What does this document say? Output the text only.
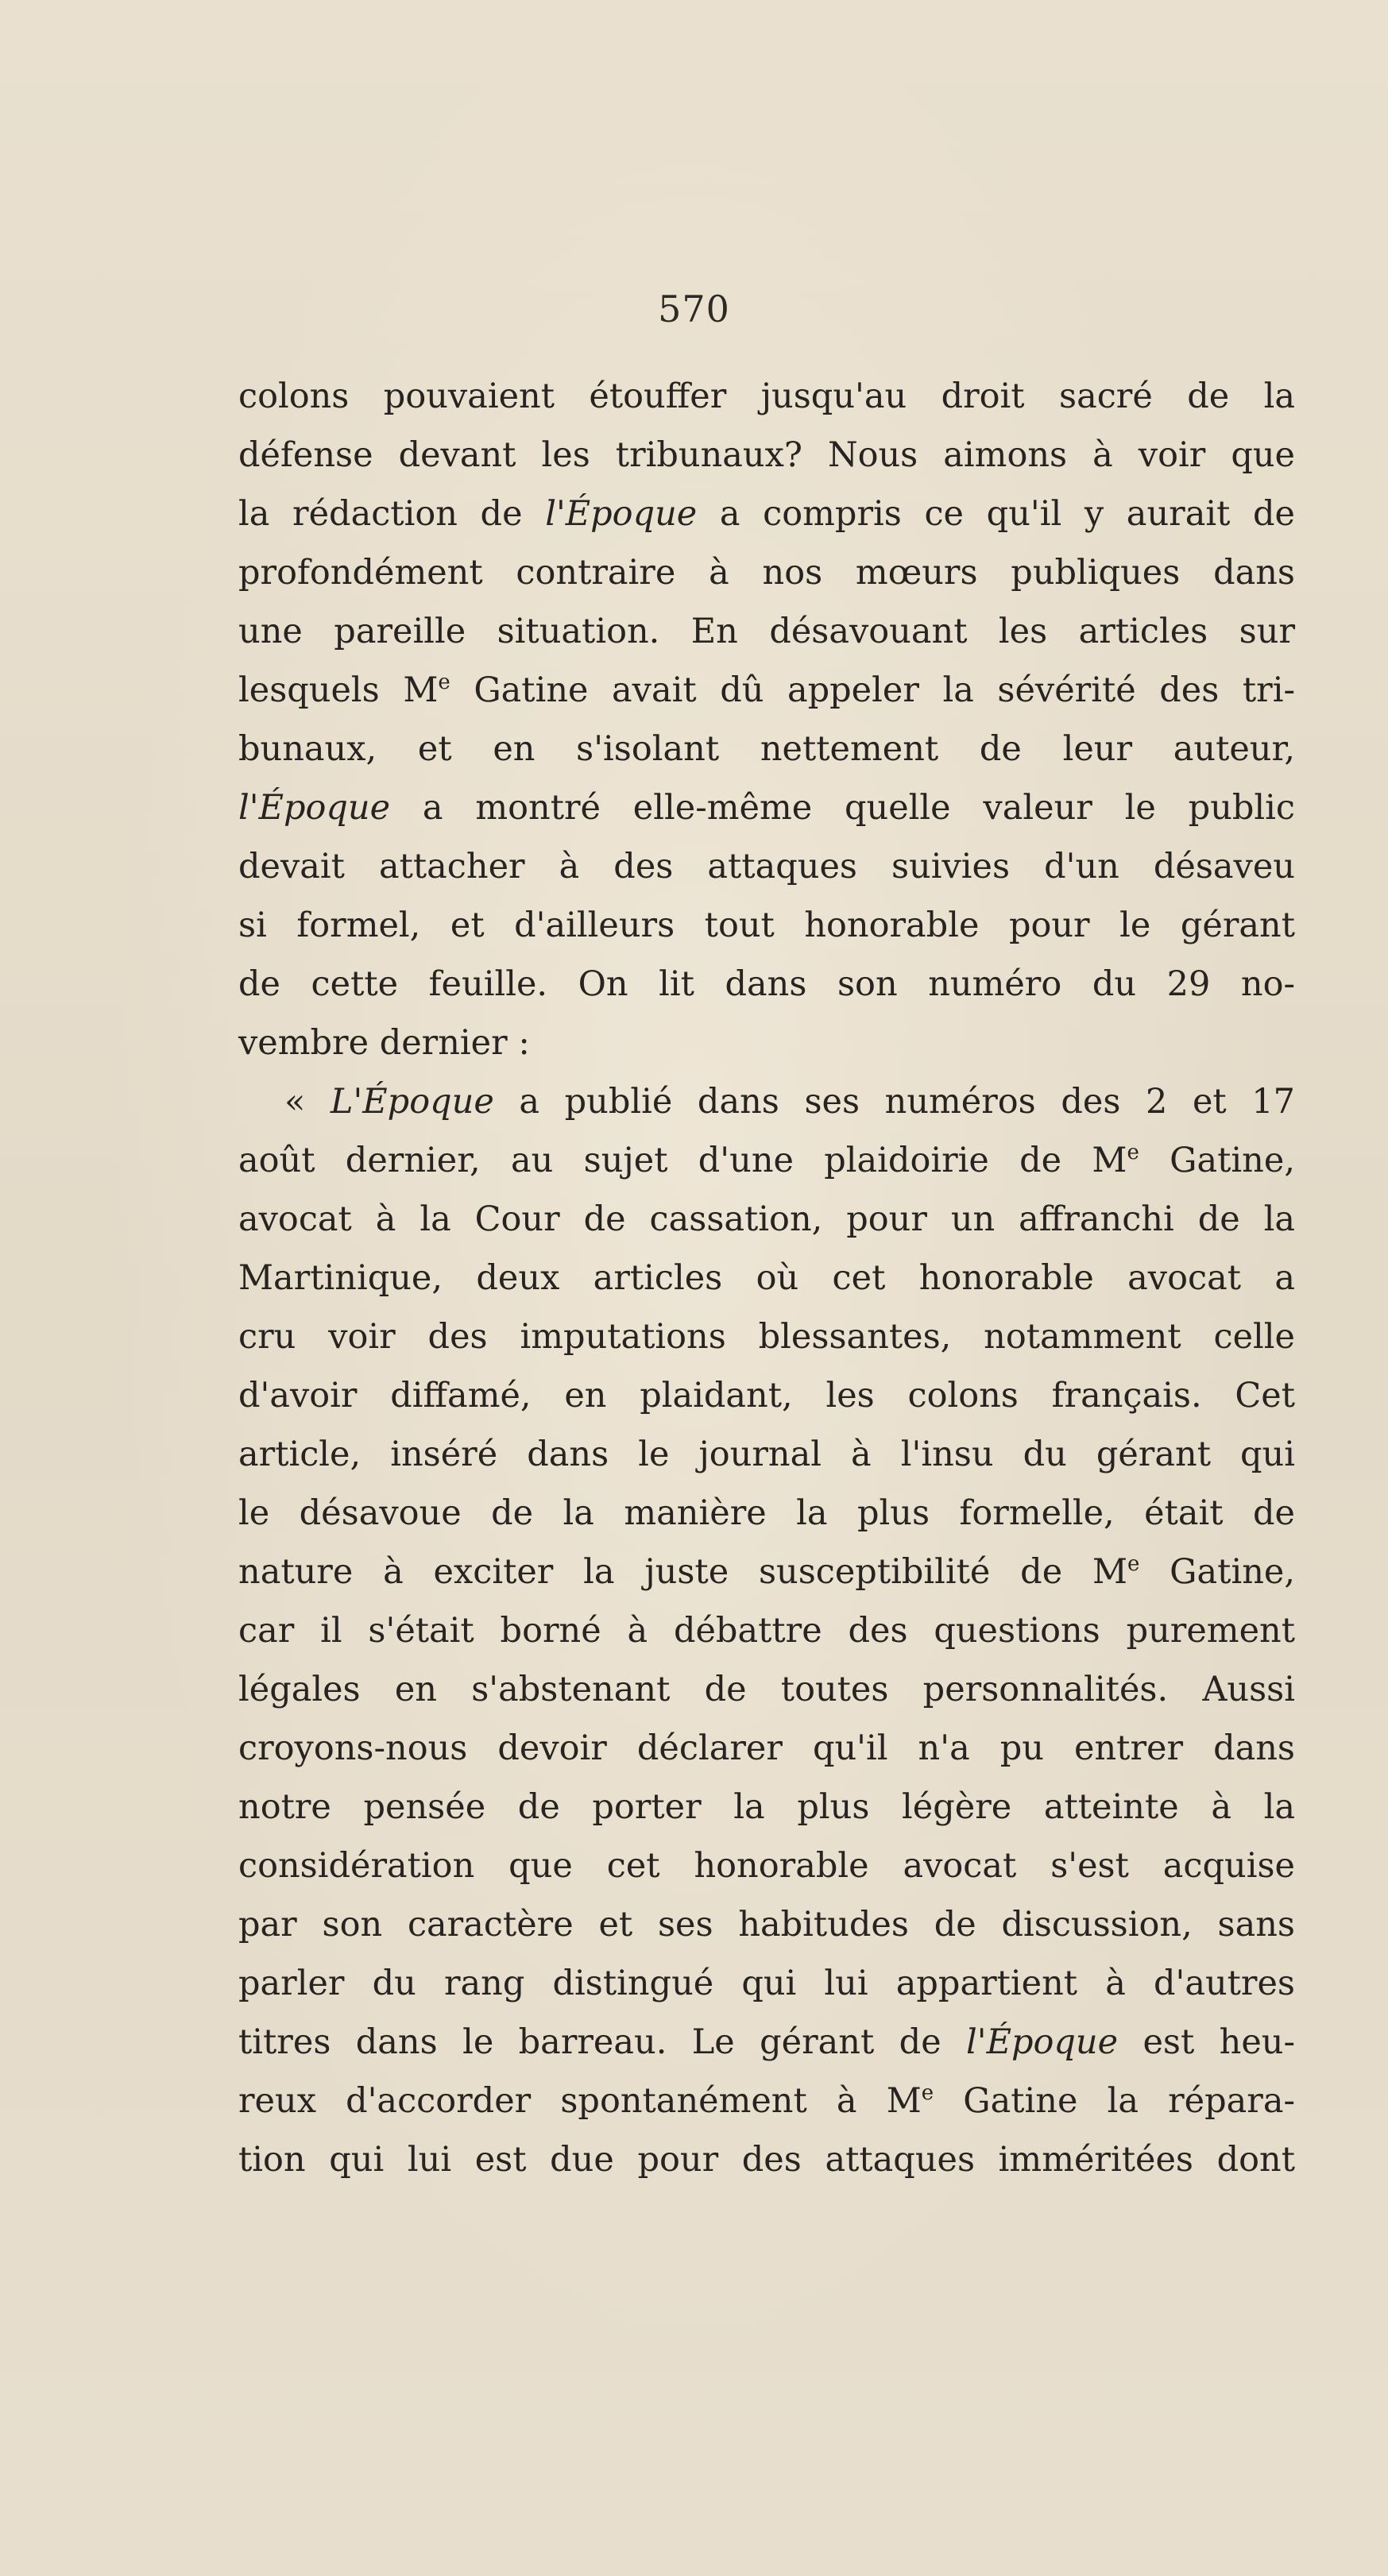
570
colons pouvaient étouffer jusqu'au droit sacré de la
défense devant les tribunaux? Nous aimons à voir que
la rédaction de l'Époque a compris ce qu'il y aurait de
profondément contraire à nos mœurs publiques dans
une pareille situation. En désavouant les articles sur
lesquels Me Gatine avait dû appeler la sévérité des tri-
bunaux, et en s'isolant nettement de leur auteur,
l'Époque a montré elle-même quelle valeur le public
devait attacher à des attaques suivies d'un désaveu
si formel, et d'ailleurs tout honorable pour le gérant
de cette feuille. On lit dans son numéro du 29 no-
vembre dernier :
« L'Époque a publié dans ses numéros des 2 et 17
août dernier, au sujet d'une plaidoirie de Me Gatine,
avocat à la Cour de cassation, pour un affranchi de la
Martinique, deux articles où cet honorable avocat a
cru voir des imputations blessantes, notamment celle
d'avoir diffamé, en plaidant, les colons français. Cet
article, inséré dans le journal à l'insu du gérant qui
le désavoue de la manière la plus formelle, était de
nature à exciter la juste susceptibilité de Me Gatine,
car il s'était borné à débattre des questions purement
légales en s'abstenant de toutes personnalités. Aussi
croyons-nous devoir déclarer qu'il n'a pu entrer dans
notre pensée de porter la plus légère atteinte à la
considération que cet honorable avocat s'est acquise
par son caractère et ses habitudes de discussion, sans
parler du rang distingué qui lui appartient à d'autres
titres dans le barreau. Le gérant de l'Époque est heu-
reux d'accorder spontanément à Me Gatine la répara-
tion qui lui est due pour des attaques imméritées dont
